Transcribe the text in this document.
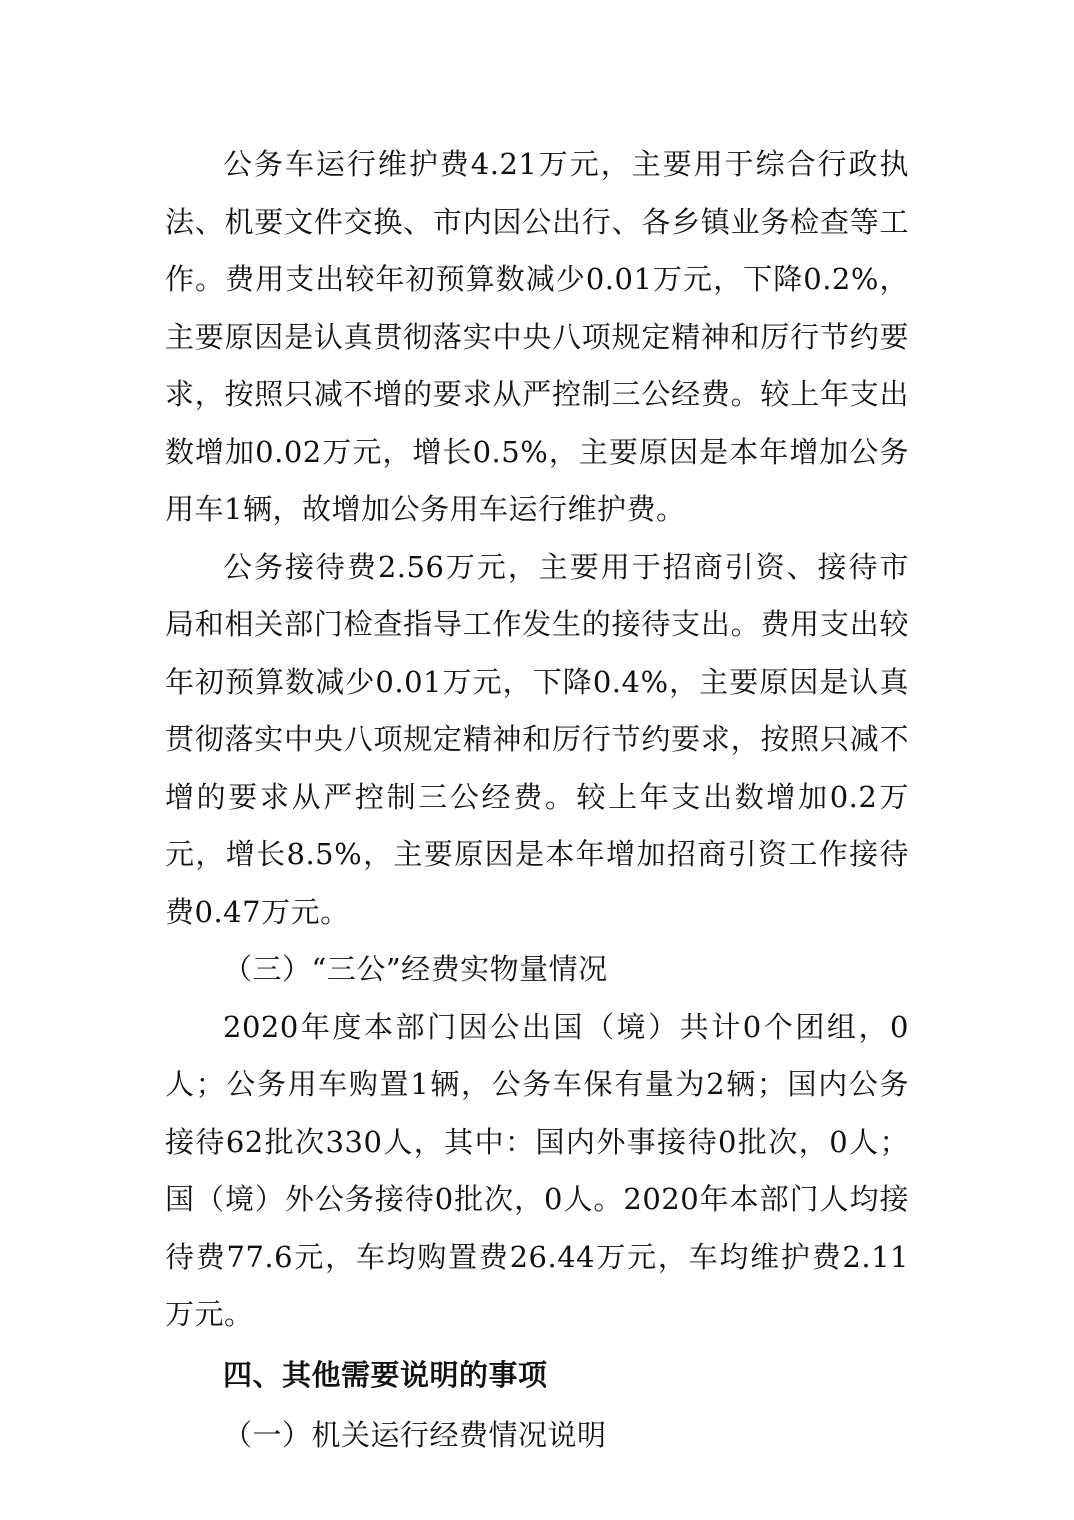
公务车运行维护费4.21万元，主要用于综合行政执法、机要文件交换、市内因公出行、各乡镇业务检查等工作。费用支出较年初预算数减少0.01万元，下降0.2%，主要原因是认真贯彻落实中央八项规定精神和厉行节约要求，按照只减不增的要求从严控制三公经费。较上年支出数增加0.02万元，增长0.5%，主要原因是本年增加公务用车1辆，故增加公务用车运行维护费。

公务接待费2.56万元，主要用于招商引资、接待市局和相关部门检查指导工作发生的接待支出。费用支出较年初预算数减少0.01万元，下降0.4%，主要原因是认真贯彻落实中央八项规定精神和厉行节约要求，按照只减不增的要求从严控制三公经费。较上年支出数增加0.2万元，增长8.5%，主要原因是本年增加招商引资工作接待费0.47万元。

（三）“三公”经费实物量情况

2020年度本部门因公出国（境）共计0个团组，0人；公务用车购置1辆，公务车保有量为2辆；国内公务接待62批次330人，其中：国内外事接待0批次，0人；国（境）外公务接待0批次，0人。2020年本部门人均接待费77.6元，车均购置费26.44万元，车均维护费2.11万元。

四、其他需要说明的事项

（一）机关运行经费情况说明
